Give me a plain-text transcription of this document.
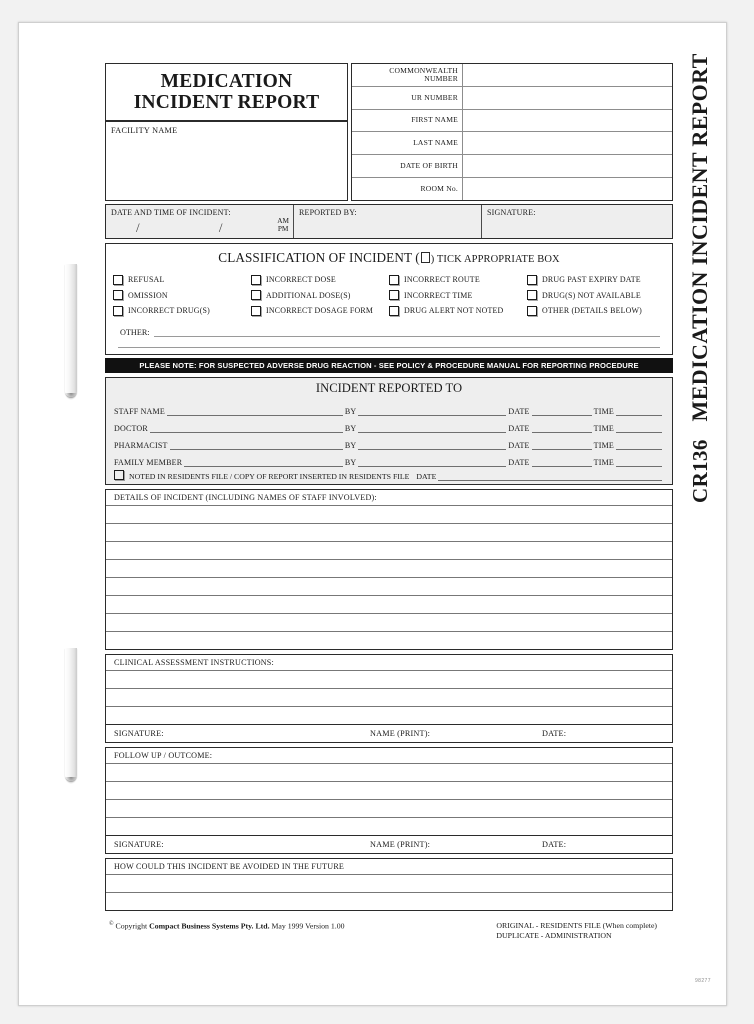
MEDICATION
INCIDENT REPORT
FACILITY NAME
COMMONWEALTH NUMBER
UR NUMBER
FIRST NAME
LAST NAME
DATE OF BIRTH
ROOM No.
DATE AND TIME OF INCIDENT:
/ / AM
PM
REPORTED BY:	SIGNATURE:
CLASSIFICATION OF INCIDENT ( ) TICK APPROPRIATE BOX
REFUSAL
OMISSION
INCORRECT DRUG(S)
INCORRECT DOSE
ADDITIONAL DOSE(S)
INCORRECT DOSAGE FORM
INCORRECT ROUTE
INCORRECT TIME
DRUG ALERT NOT NOTED
DRUG PAST EXPIRY DATE
DRUG(S) NOT AVAILABLE
OTHER (DETAILS BELOW)
OTHER:
PLEASE NOTE: FOR SUSPECTED ADVERSE DRUG REACTION - SEE POLICY & PROCEDURE MANUAL FOR REPORTING PROCEDURE
INCIDENT REPORTED TO
STAFF NAME	BY	DATE	TIME
DOCTOR	BY	DATE	TIME
PHARMACIST	BY	DATE	TIME
FAMILY MEMBER	BY	DATE	TIME
NOTED IN RESIDENTS FILE / COPY OF REPORT INSERTED IN RESIDENTS FILE DATE
DETAILS OF INCIDENT (INCLUDING NAMES OF STAFF INVOLVED):
CLINICAL ASSESSMENT INSTRUCTIONS:
SIGNATURE:	NAME (PRINT):	DATE:
FOLLOW UP / OUTCOME:
SIGNATURE:	NAME (PRINT):	DATE:
HOW COULD THIS INCIDENT BE AVOIDED IN THE FUTURE
© Copyright Compact Business Systems Pty. Ltd. May 1999 Version 1.00	ORIGINAL - RESIDENTS FILE (When complete)
DUPLICATE - ADMINISTRATION
CR136   MEDICATION INCIDENT REPORT
98277
